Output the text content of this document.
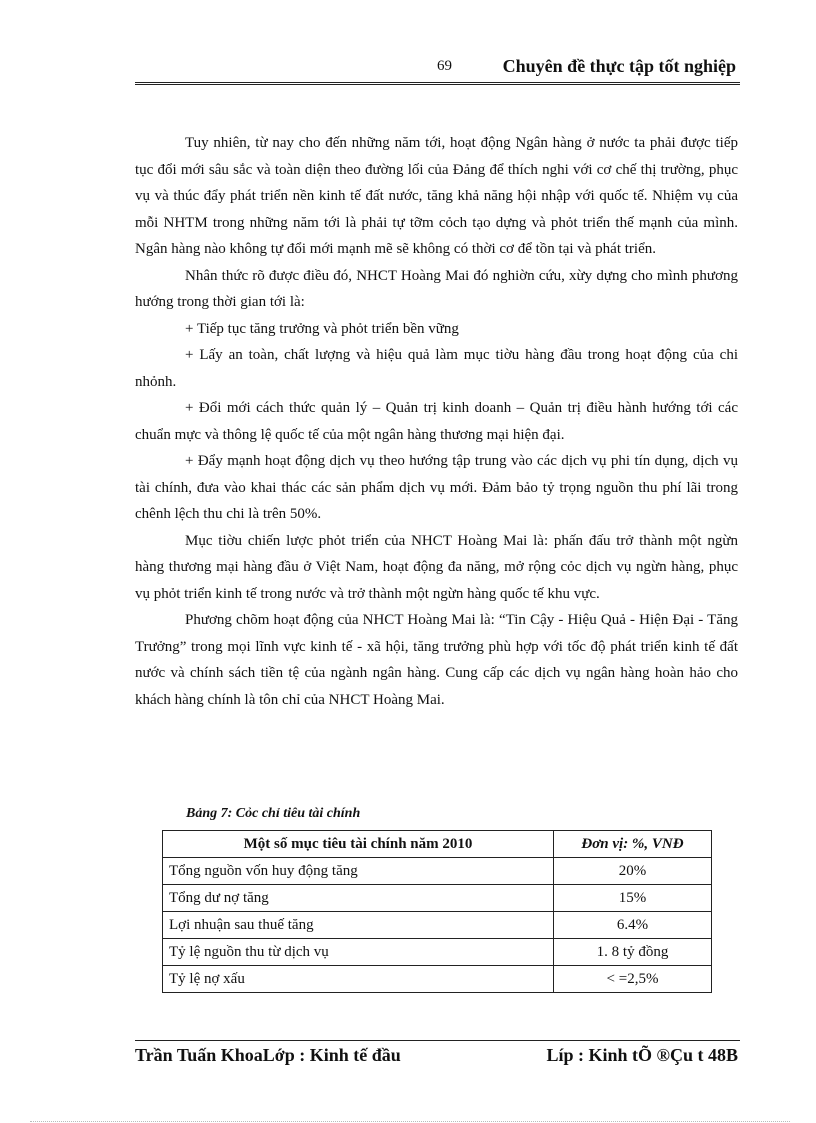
69	Chuyên đề thực tập tốt nghiệp

Tuy nhiên, từ nay cho đến những năm tới, hoạt động Ngân hàng ở nước ta phải được tiếp tục đổi mới sâu sắc và toàn diện theo đường lối của Đảng để thích nghi với cơ chế thị trường, phục vụ và thúc đẩy phát triển nền kinh tế đất nước, tăng khả năng hội nhập với quốc tế. Nhiệm vụ của mỗi NHTM trong những năm tới là phải tự tỡm cỏch tạo dựng và phỏt triển thế mạnh của mình. Ngân hàng nào không tự đổi mới mạnh mẽ sẽ không có thời cơ để tồn tại và phát triển.

Nhân thức rõ được điều đó, NHCT Hoàng Mai đó nghiờn cứu, xừy dựng cho mình phương hướng trong thời gian tới là:

+ Tiếp tục tăng trưởng và phỏt triển bền vững

+ Lấy an toàn, chất lượng và hiệu quả làm mục tiờu hàng đầu trong hoạt động của chi nhỏnh.

+ Đổi mới cách thức quản lý – Quản trị kinh doanh – Quản trị điều hành hướng tới các chuẩn mực và thông lệ quốc tế của một ngân hàng thương mại hiện đại.

+ Đẩy mạnh hoạt động dịch vụ theo hướng tập trung vào các dịch vụ phi tín dụng, dịch vụ tài chính, đưa vào khai thác các sản phẩm dịch vụ mới. Đảm bảo tỷ trọng nguồn thu phí lãi trong chênh lệch thu chi là trên 50%.

Mục tiờu chiến lược phỏt triển của NHCT Hoàng Mai là: phấn đấu trở thành một ngừn hàng thương mại hàng đầu ở Việt Nam, hoạt động đa năng, mở rộng cỏc dịch vụ ngừn hàng, phục vụ phỏt triển kinh tế trong nước và trở thành một ngừn hàng quốc tế khu vực.

Phương chõm hoạt động của NHCT Hoàng Mai là: “Tin Cậy - Hiệu Quả - Hiện Đại - Tăng Trưởng” trong mọi lĩnh vực kinh tế - xã hội, tăng trưởng phù hợp với tốc độ phát triển kinh tế đất nước và chính sách tiền tệ của ngành ngân hàng. Cung cấp các dịch vụ ngân hàng hoàn hảo cho khách hàng chính là tôn chỉ của NHCT Hoàng Mai.

Bảng 7: Cỏc chỉ tiêu tài chính
Một số mục tiêu tài chính năm 2010	Đơn vị: %, VNĐ
Tổng nguồn vốn huy động tăng	20%
Tổng dư nợ tăng	15%
Lợi nhuận sau thuế tăng	6.4%
Tỷ lệ nguồn thu từ dịch vụ	1. 8 tỷ đồng
Tỷ lệ nợ xấu	< =2,5%
Trần Tuấn KhoaLớp : Kinh tế đầu	Líp : Kinh tÕ ®Çu t 48B
